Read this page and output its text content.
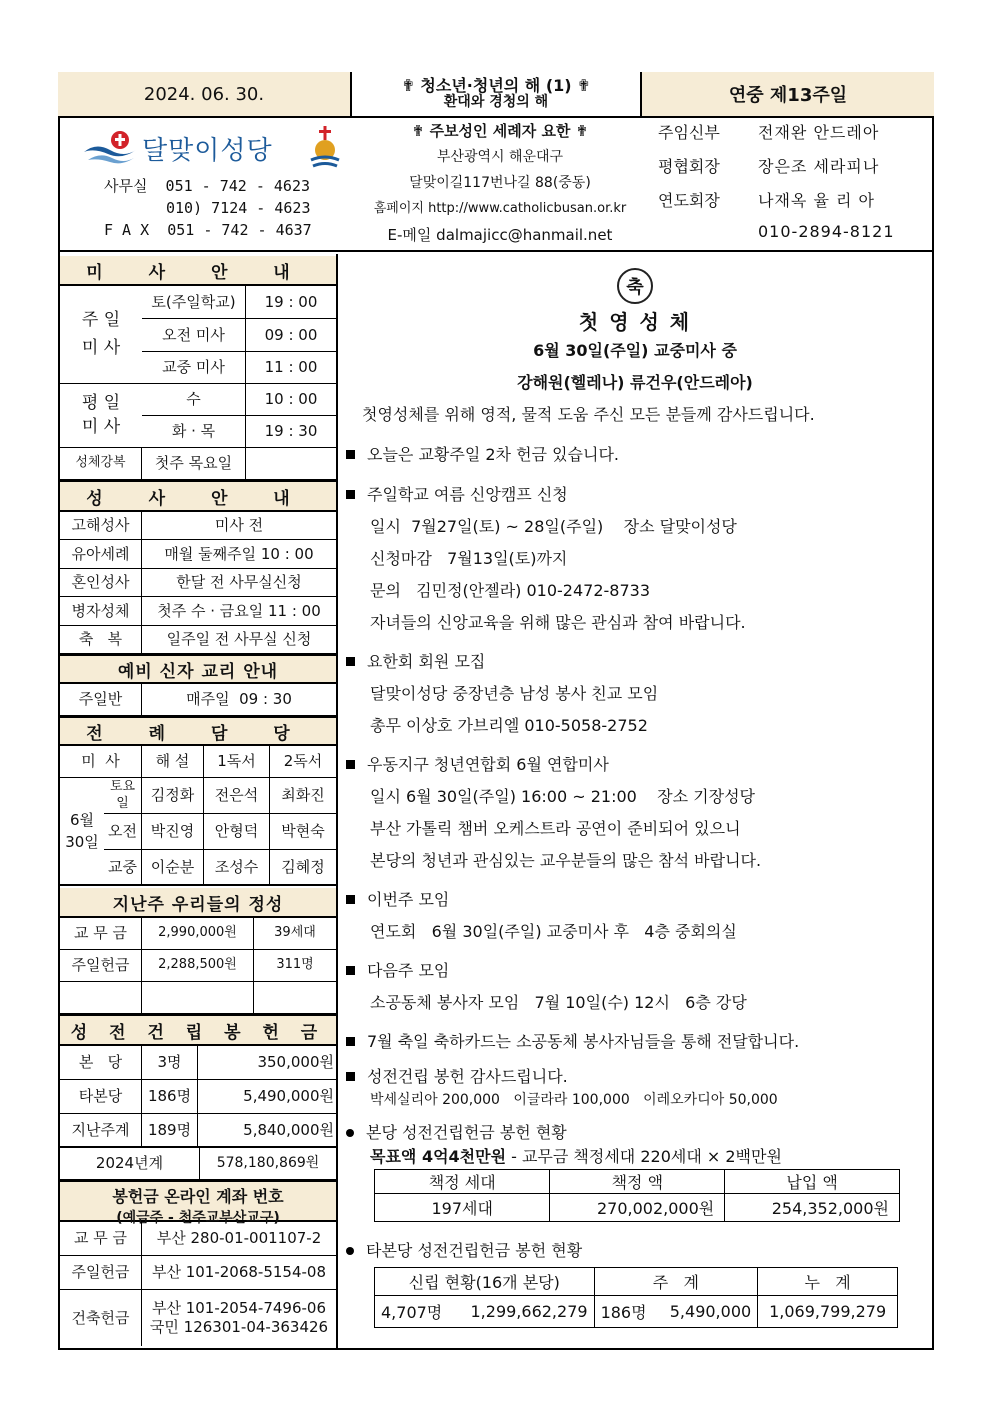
2024. 06. 30.	✟ 청소년·청년의 해 (1) ✟
환대와 경청의 해	연중 제13주일
달맞이성당
사무실  051 - 742 - 4623
010) 7124 - 4623
F A X  051 - 742 - 4637
✟ 주보성인 세례자 요한 ✟
부산광역시 해운대구
달맞이길117번나길 88(중동)
홈페이지 http://www.catholicbusan.or.kr
E-메일 dalmajicc@hanmail.net
주임신부 전재완 안드레아
평협회장 장은조 세라피나
연도회장 나재옥 율 리 아
010-2894-8121
미 사 안 내
주 일
미 사
토(주일학교)	19 : 00
오전 미사	09 : 00
교중 미사	11 : 00
평 일
미 사
수	10 : 00
화 · 목	19 : 30
성체강복	첫주 목요일
성 사 안 내
고해성사	미사 전
유아세례	매월 둘째주일 10 : 00
혼인성사	한달 전 사무실신청
병자성체	첫주 수 · 금요일 11 : 00
축   복	일주일 전 사무실 신청
예비 신자 교리 안내
주일반	매주일  09 : 30
전 례 담 당
미  사	해 설	1독서	2독서
6월
30일
토요일	김정화	전은석	최화진
오전 박진영	안형덕	박현숙
교중 이순분	조성수	김혜정
지난주 우리들의 정성
교 무 금	2,990,000원	39세대
주일헌금	2,288,500원	311명
성 전 건 립 봉 헌 금
본   당	3명	350,000원
타본당	186명	5,490,000원
지난주계	189명	5,840,000원
2024년계	578,180,869원
봉헌금 온라인 계좌 번호
(예금주 - 천주교부산교구)
교 무 금	부산 280-01-001107-2
주일헌금	부산 101-2068-5154-08
건축헌금
부산 101-2054-7496-06
국민 126301-04-363426
축
첫 영 성 체
6월 30일(주일) 교중미사 중
강해원(헬레나) 류건우(안드레아)
첫영성체를 위해 영적, 물적 도움 주신 모든 분들께 감사드립니다.
오늘은 교황주일 2차 헌금 있습니다.
주일학교 여름 신앙캠프 신청
일시  7월27일(토) ~ 28일(주일)    장소 달맞이성당
신청마감   7월13일(토)까지
문의   김민정(안젤라) 010-2472-8733
자녀들의 신앙교육을 위해 많은 관심과 참여 바랍니다.
요한회 회원 모집
달맞이성당 중장년층 남성 봉사 친교 모임
총무 이상호 가브리엘 010-5058-2752
우동지구 청년연합회 6월 연합미사
일시 6월 30일(주일) 16:00 ~ 21:00    장소 기장성당
부산 가톨릭 챔버 오케스트라 공연이 준비되어 있으니
본당의 청년과 관심있는 교우분들의 많은 참석 바랍니다.
이번주 모임
연도회   6월 30일(주일) 교중미사 후   4층 중회의실
다음주 모임
소공동체 봉사자 모임   7월 10일(수) 12시   6층 강당
7월 축일 축하카드는 소공동체 봉사자님들을 통해 전달합니다.
성전건립 봉헌 감사드립니다.
박세실리아 200,000   이글라라 100,000   이레오카디아 50,000
본당 성전건립헌금 봉헌 현황
목표액 4억4천만원 - 교무금 책정세대 220세대 × 2백만원
책정 세대	책정 액	납입 액
197세대	270,002,000원	254,352,000원
타본당 성전건립헌금 봉헌 현황
신립 현황(16개 본당)		주   계		누   계
4,707명	1,299,662,279	186명	5,490,000	1,069,799,279
